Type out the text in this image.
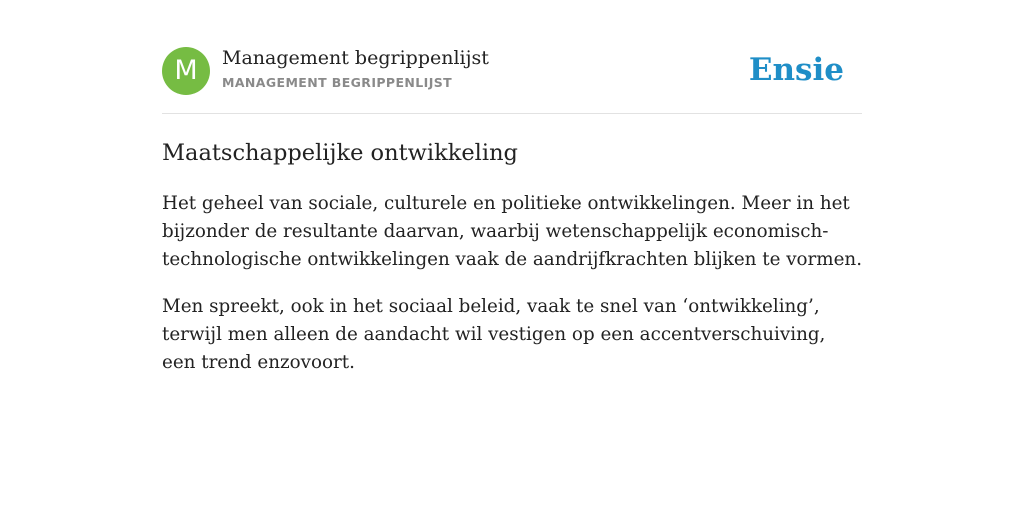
M	Management begrippenlijst
MANAGEMENT BEGRIPPENLIJST	Ensie
Maatschappelijke ontwikkeling

Het geheel van sociale, culturele en politieke ontwikkelingen. Meer in het bijzonder de resultante daarvan, waarbij wetenschappelijk economisch-technologische ontwikkelingen vaak de aandrijfkrachten blijken te vormen.

Men spreekt, ook in het sociaal beleid, vaak te snel van ‘ontwikkeling’, terwijl men alleen de aandacht wil vestigen op een accentverschuiving, een trend enzovoort.
